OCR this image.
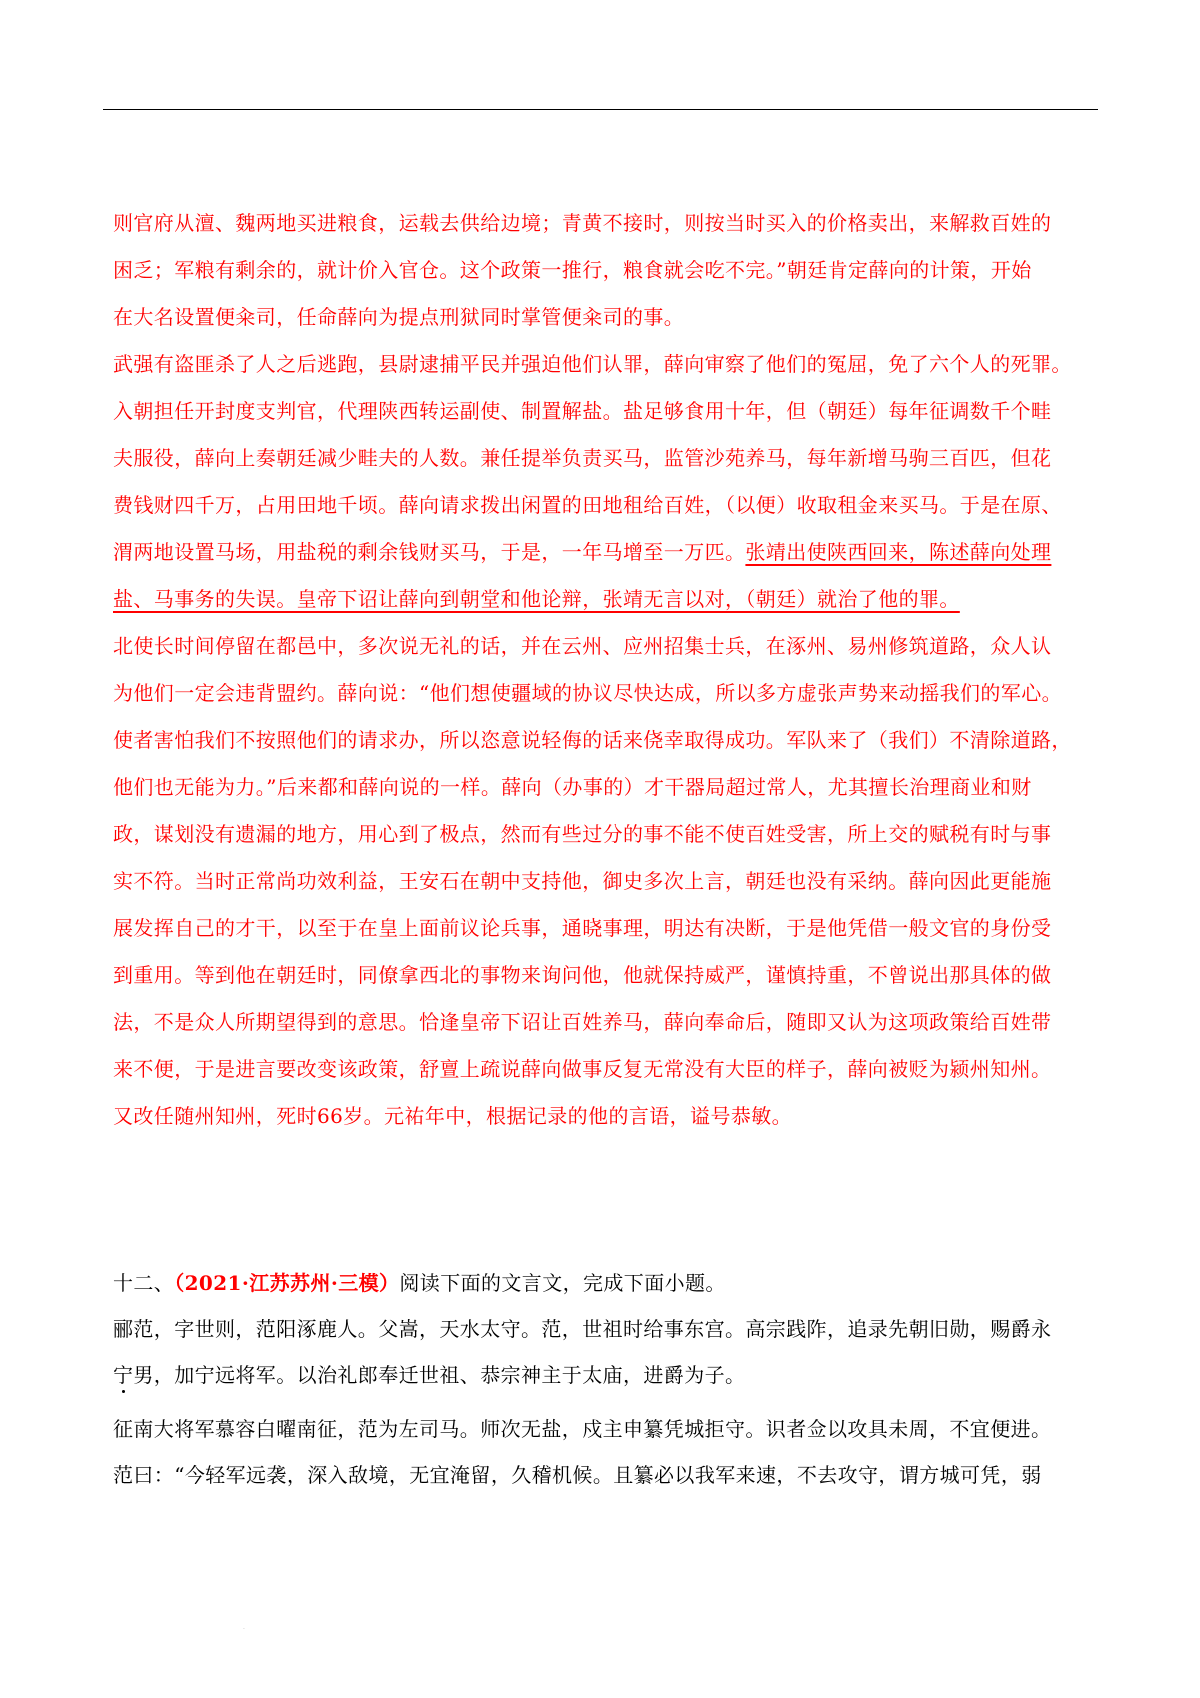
则官府从澶、魏两地买进粮食，运载去供给边境；青黄不接时，则按当时买入的价格卖出，来解救百姓的
困乏；军粮有剩余的，就计价入官仓。这个政策一推行，粮食就会吃不完。”朝廷肯定薛向的计策，开始
在大名设置便籴司，任命薛向为提点刑狱同时掌管便籴司的事。

武强有盗匪杀了人之后逃跑，县尉逮捕平民并强迫他们认罪，薛向审察了他们的冤屈，免了六个人的死罪。
入朝担任开封度支判官，代理陕西转运副使、制置解盐。盐足够食用十年，但（朝廷）每年征调数千个畦
夫服役，薛向上奏朝廷减少畦夫的人数。兼任提举负责买马，监管沙苑养马，每年新增马驹三百匹，但花
费钱财四千万，占用田地千顷。薛向请求拨出闲置的田地租给百姓，（以便）收取租金来买马。于是在原、
渭两地设置马场，用盐税的剩余钱财买马，于是，一年马增至一万匹。张靖出使陕西回来，陈述薛向处理
盐、马事务的失误。皇帝下诏让薛向到朝堂和他论辩，张靖无言以对，（朝廷）就治了他的罪。

北使长时间停留在都邑中，多次说无礼的话，并在云州、应州招集士兵，在涿州、易州修筑道路，众人认
为他们一定会违背盟约。薛向说：“他们想使疆域的协议尽快达成，所以多方虚张声势来动摇我们的军心。
使者害怕我们不按照他们的请求办，所以恣意说轻侮的话来侥幸取得成功。军队来了（我们）不清除道路，
他们也无能为力。”后来都和薛向说的一样。薛向（办事的）才干器局超过常人，尤其擅长治理商业和财
政，谋划没有遗漏的地方，用心到了极点，然而有些过分的事不能不使百姓受害，所上交的赋税有时与事
实不符。当时正常尚功效利益，王安石在朝中支持他，御史多次上言，朝廷也没有采纳。薛向因此更能施
展发挥自己的才干，以至于在皇上面前议论兵事，通晓事理，明达有决断，于是他凭借一般文官的身份受
到重用。等到他在朝廷时，同僚拿西北的事物来询问他，他就保持威严，谨慎持重，不曾说出那具体的做
法，不是众人所期望得到的意思。恰逢皇帝下诏让百姓养马，薛向奉命后，随即又认为这项政策给百姓带
来不便，于是进言要改变该政策，舒亶上疏说薛向做事反复无常没有大臣的样子，薛向被贬为颍州知州。
又改任随州知州，死时66岁。元祐年中，根据记录的他的言语，谥号恭敏。

十二、（2021·江苏苏州·三模）阅读下面的文言文，完成下面小题。

郦范，字世则，范阳涿鹿人。父嵩，天水太守。范，世祖时给事东宫。高宗践阼，追录先朝旧勋，赐爵永
宁男，加宁远将军。以治礼郎奉迁世祖、恭宗神主于太庙，进爵为子。

征南大将军慕容白曜南征，范为左司马。师次无盐，戍主申纂凭城拒守。识者佥以攻具未周，不宜便进。
范曰：“今轻军远袭，深入敌境，无宜淹留，久稽机候。且纂必以我军来速，不去攻守，谓方城可凭，弱

·
